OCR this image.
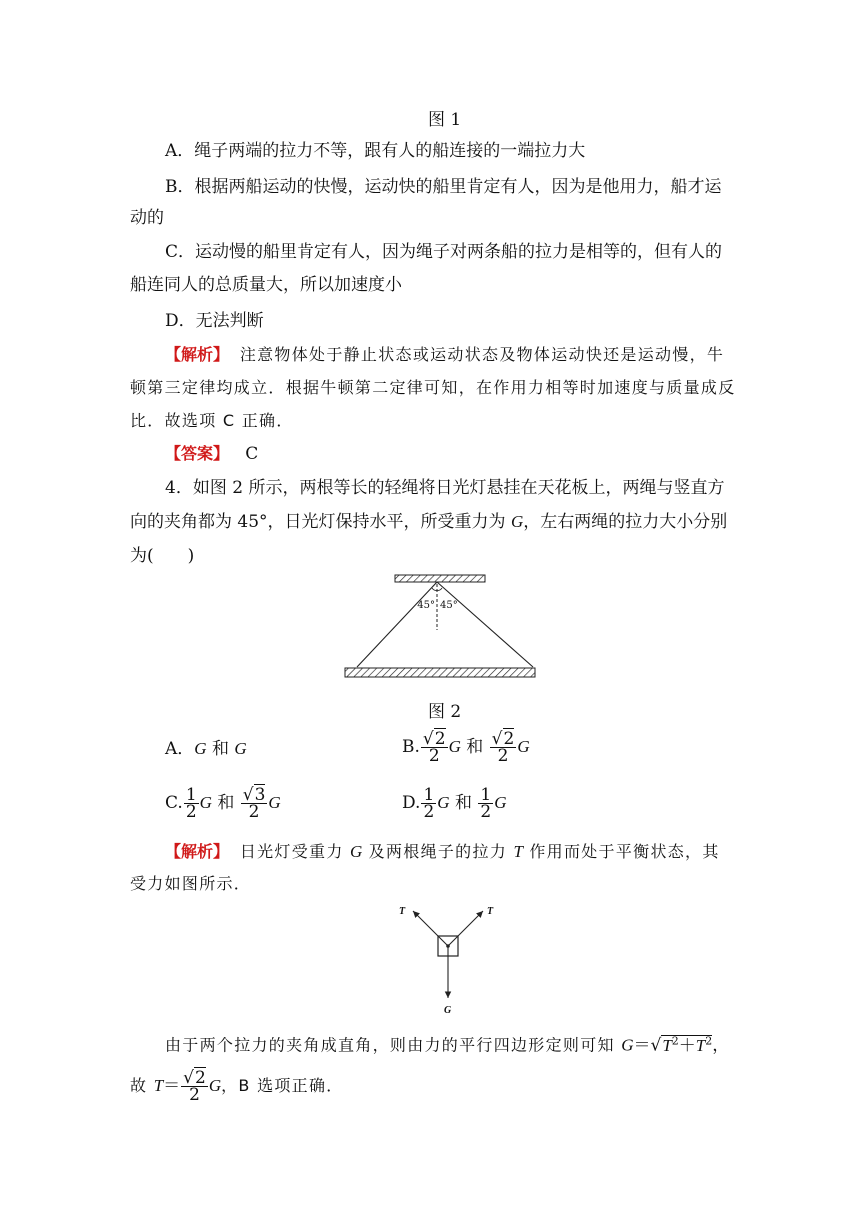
图 1
A．绳子两端的拉力不等，跟有人的船连接的一端拉力大
B．根据两船运动的快慢，运动快的船里肯定有人，因为是他用力，船才运
动的
C．运动慢的船里肯定有人，因为绳子对两条船的拉力是相等的，但有人的
船连同人的总质量大，所以加速度小
D．无法判断
【解析】 注意物体处于静止状态或运动状态及物体运动快还是运动慢，牛
顿第三定律均成立．根据牛顿第二定律可知，在作用力相等时加速度与质量成反
比．故选项 C 正确．
【答案】 C
4．如图 2 所示，两根等长的轻绳将日光灯悬挂在天花板上，两绳与竖直方
向的夹角都为 45°，日光灯保持水平，所受重力为 G，左右两绳的拉力大小分别
为(　　)
45° 45°
图 2
A．G 和 G	B. $\frac{√2}{2}$ G 和 $\frac{√2}{2}$ G
C. $\frac{1}{2}$ G 和 $\frac{√3}{2}$ G	D. $\frac{1}{2}$ G 和 $\frac{1}{2}$ G
【解析】 日光灯受重力 G 及两根绳子的拉力 T 作用而处于平衡状态，其
受力如图所示．
T	T
G
由于两个拉力的夹角成直角，则由力的平行四边形定则可知 $G=√T^2+T^2$，
故 $T= \frac{√2}{2}$ G，B 选项正确．
